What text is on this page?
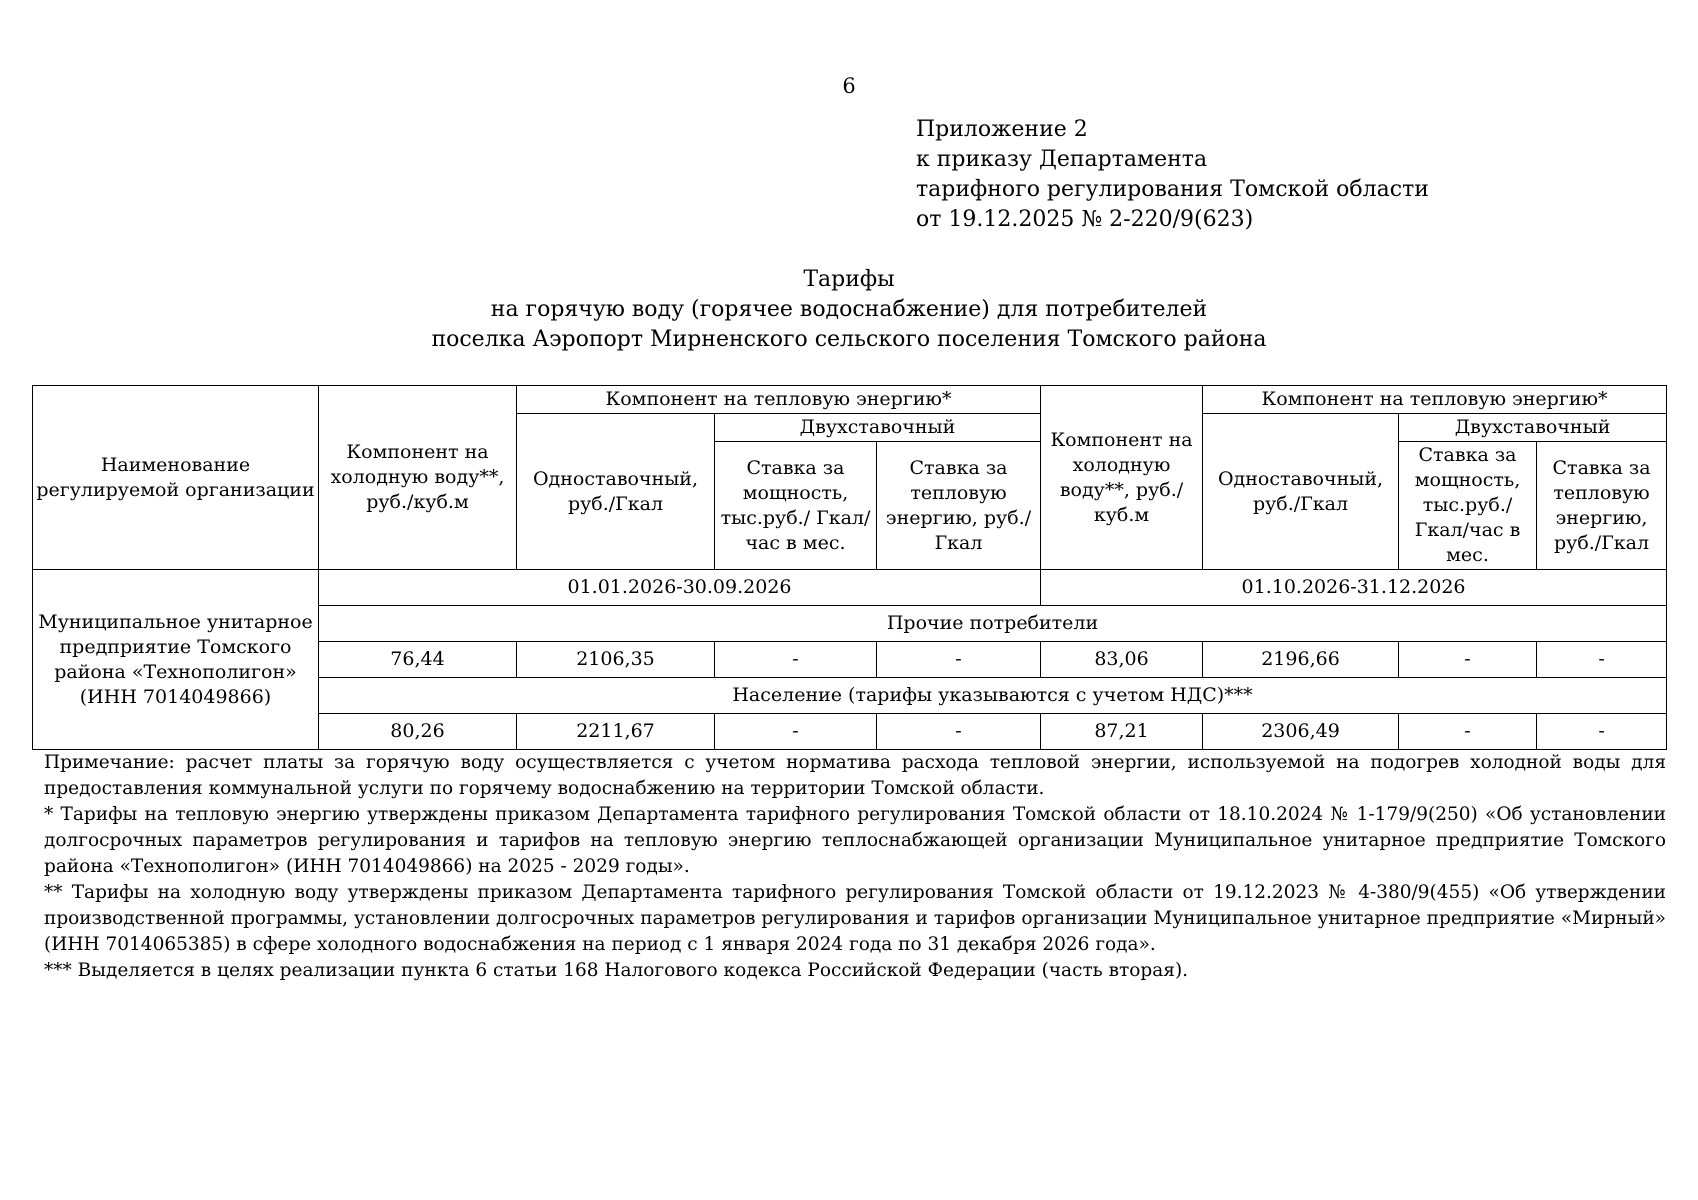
6
Приложение 2
к приказу Департамента
тарифного регулирования Томской области
от 19.12.2025 № 2-220/9(623)
Тарифы
на горячую воду (горячее водоснабжение) для потребителей
поселка Аэропорт Мирненского сельского поселения Томского района
Наименование регулируемой организации	Компонент на холодную воду**, руб./куб.м	Компонент на тепловую энергию*			Компонент на холодную воду**, руб./куб.м	Компонент на тепловую энергию*		
		Одноставочный, руб./Гкал	Двухставочный			Одноставочный, руб./Гкал	Двухставочный	
			Ставка за мощность, тыс.руб./ Гкал/час в мес.	Ставка за тепловую энергию, руб./Гкал			Ставка за мощность, тыс.руб./ Гкал/час в мес.	Ставка за тепловую энергию, руб./Гкал

Муниципальное унитарное предприятие Томского района «Технополигон» (ИНН 7014049866)	01.01.2026-30.09.2026				01.10.2026-31.12.2026			
	Прочие потребители							
	76,44	2106,35	-	-	83,06	2196,66	-	-
	Население (тарифы указываются с учетом НДС)***							
	80,26	2211,67	-	-	87,21	2306,49	-	-

Примечание: расчет платы за горячую воду осуществляется с учетом норматива расхода тепловой энергии, используемой на подогрев холодной воды для предоставления коммунальной услуги по горячему водоснабжению на территории Томской области.

* Тарифы на тепловую энергию утверждены приказом Департамента тарифного регулирования Томской области от 18.10.2024 № 1-179/9(250) «Об установлении долгосрочных параметров регулирования и тарифов на тепловую энергию теплоснабжающей организации Муниципальное унитарное предприятие Томского района «Технополигон» (ИНН 7014049866) на 2025 - 2029 годы».

** Тарифы на холодную воду утверждены приказом Департамента тарифного регулирования Томской области от 19.12.2023 № 4-380/9(455) «Об утверждении производственной программы, установлении долгосрочных параметров регулирования и тарифов организации Муниципальное унитарное предприятие «Мирный» (ИНН 7014065385) в сфере холодного водоснабжения на период с 1 января 2024 года по 31 декабря 2026 года».

*** Выделяется в целях реализации пункта 6 статьи 168 Налогового кодекса Российской Федерации (часть вторая).
